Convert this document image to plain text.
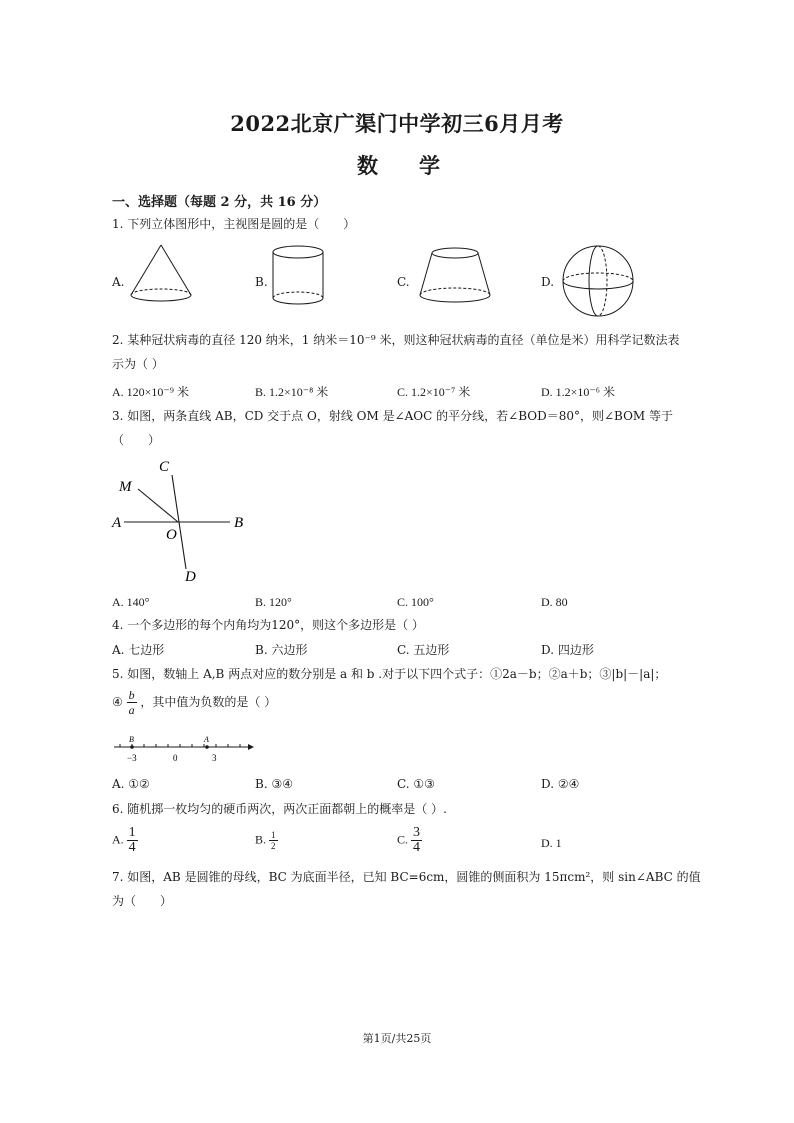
2022北京广渠门中学初三6月月考
数 学
一、选择题（每题 2 分，共 16 分）
1. 下列立体图形中，主视图是圆的是（　　）
A.	B.	C.	D.
2. 某种冠状病毒的直径 120 纳米，1 纳米＝10⁻⁹ 米，则这种冠状病毒的直径（单位是米）用科学记数法表
示为（ ）
A. 120×10⁻⁹ 米	B. 1.2×10⁻⁸ 米	C. 1.2×10⁻⁷ 米	D. 1.2×10⁻⁶ 米
3. 如图，两条直线 AB，CD 交于点 O，射线 OM 是∠AOC 的平分线，若∠BOD＝80°，则∠BOM 等于
（　　）
C
M
A	B
O
D
A. 140°	B. 120°	C. 100°	D. 80
4. 一个多边形的每个内角均为120°，则这个多边形是（ ）
A. 七边形	B. 六边形	C. 五边形	D. 四边形
5. 如图，数轴上 A,B 两点对应的数分别是 a 和 b .对于以下四个式子：①2a－b；②a＋b；③|b|－|a|；
④ $\frac{b}{a}$ ，其中值为负数的是（ ）
B	A
−3	0	3
A. ①②	B. ③④	C. ①③	D. ②④
6. 随机掷一枚均匀的硬币两次，两次正面都朝上的概率是（ ）.
A. $\frac{1}{4}$	B. $\frac{1}{2}$	C. $\frac{3}{4}$	D. 1
7. 如图，AB 是圆锥的母线，BC 为底面半径，已知 BC=6cm，圆锥的侧面积为 15πcm²，则 sin∠ABC 的值
为（　　）
第1页/共25页
